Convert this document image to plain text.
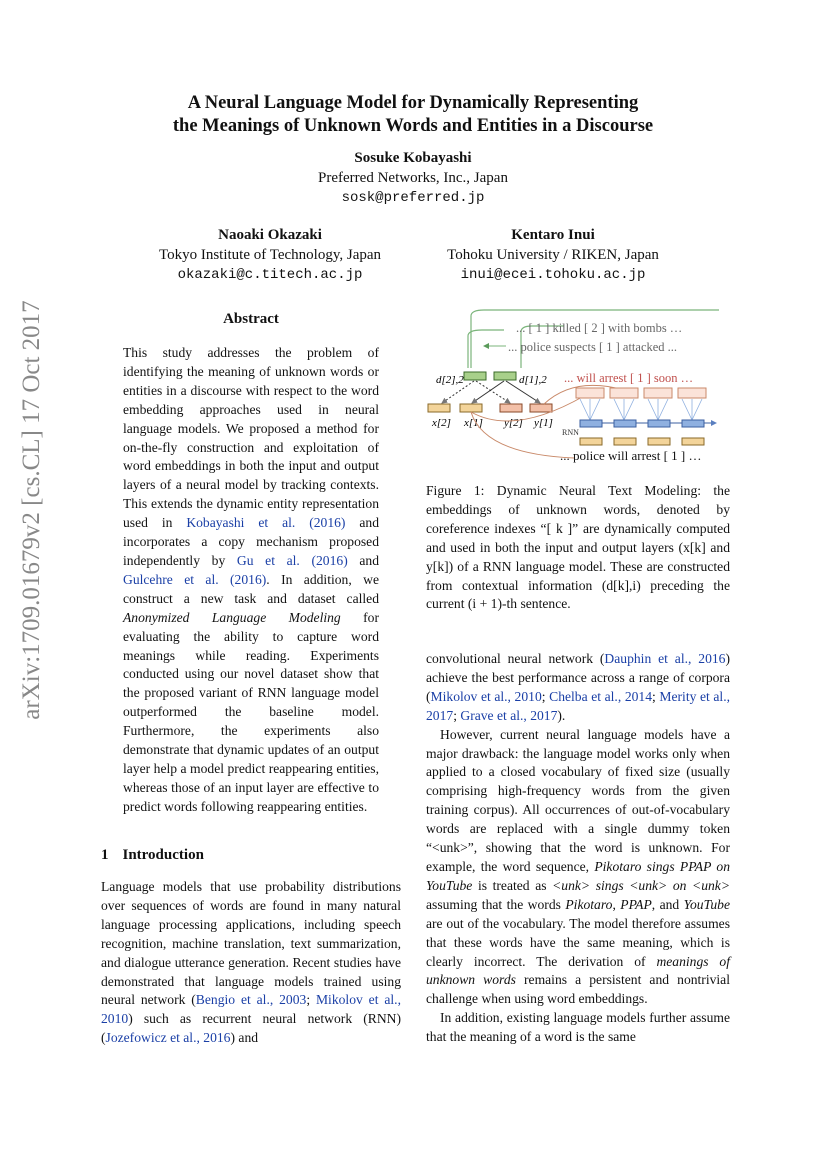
arXiv:1709.01679v2 [cs.CL] 17 Oct 2017
A Neural Language Model for Dynamically Representing
the Meanings of Unknown Words and Entities in a Discourse
Sosuke Kobayashi
Preferred Networks, Inc., Japan
sosk@preferred.jp
Naoaki Okazaki
Tokyo Institute of Technology, Japan
okazaki@c.titech.ac.jp
Kentaro Inui
Tohoku University / RIKEN, Japan
inui@ecei.tohoku.ac.jp
Abstract

This study addresses the problem of identifying the meaning of unknown words or entities in a discourse with respect to the word embedding approaches used in neural language models. We proposed a method for on-the-fly construction and exploitation of word embeddings in both the input and output layers of a neural model by tracking contexts. This extends the dynamic entity representation used in Kobayashi et al. (2016) and incorporates a copy mechanism proposed independently by Gu et al. (2016) and Gulcehre et al. (2016). In addition, we construct a new task and dataset called Anonymized Language Modeling for evaluating the ability to capture word meanings while reading. Experiments conducted using our novel dataset show that the proposed variant of RNN language model outperformed the baseline model. Furthermore, the experiments also demonstrate that dynamic updates of an output layer help a model predict reappearing entities, whereas those of an input layer are effective to predict words following reappearing entities.

1 Introduction

Language models that use probability distributions over sequences of words are found in many natural language processing applications, including speech recognition, machine translation, text summarization, and dialogue utterance generation. Recent studies have demonstrated that language models trained using neural network (Bengio et al., 2003; Mikolov et al., 2010) such as recurrent neural network (RNN) (Jozefowicz et al., 2016) and

... [ 1 ] killed [ 2 ] with bombs …
... police suspects [ 1 ] attacked ...
d[2],2	d[1],2
x[2] x[1] y[2] y[1]
... will arrest [ 1 ] soon …
RNN
... police will arrest [ 1 ] …
Figure 1: Dynamic Neural Text Modeling: the embeddings of unknown words, denoted by coreference indexes “[ k ]” are dynamically computed and used in both the input and output layers (x[k] and y[k]) of a RNN language model. These are constructed from contextual information (d[k],i) preceding the current (i + 1)-th sentence.

convolutional neural network (Dauphin et al., 2016) achieve the best performance across a range of corpora (Mikolov et al., 2010; Chelba et al., 2014; Merity et al., 2017; Grave et al., 2017).

However, current neural language models have a major drawback: the language model works only when applied to a closed vocabulary of fixed size (usually comprising high-frequency words from the given training corpus). All occurrences of out-of-vocabulary words are replaced with a single dummy token “<unk>”, showing that the word is unknown. For example, the word sequence, Pikotaro sings PPAP on YouTube is treated as <unk> sings <unk> on <unk> assuming that the words Pikotaro, PPAP, and YouTube are out of the vocabulary. The model therefore assumes that these words have the same meaning, which is clearly incorrect. The derivation of meanings of unknown words remains a persistent and nontrivial challenge when using word embeddings.

In addition, existing language models further assume that the meaning of a word is the same
